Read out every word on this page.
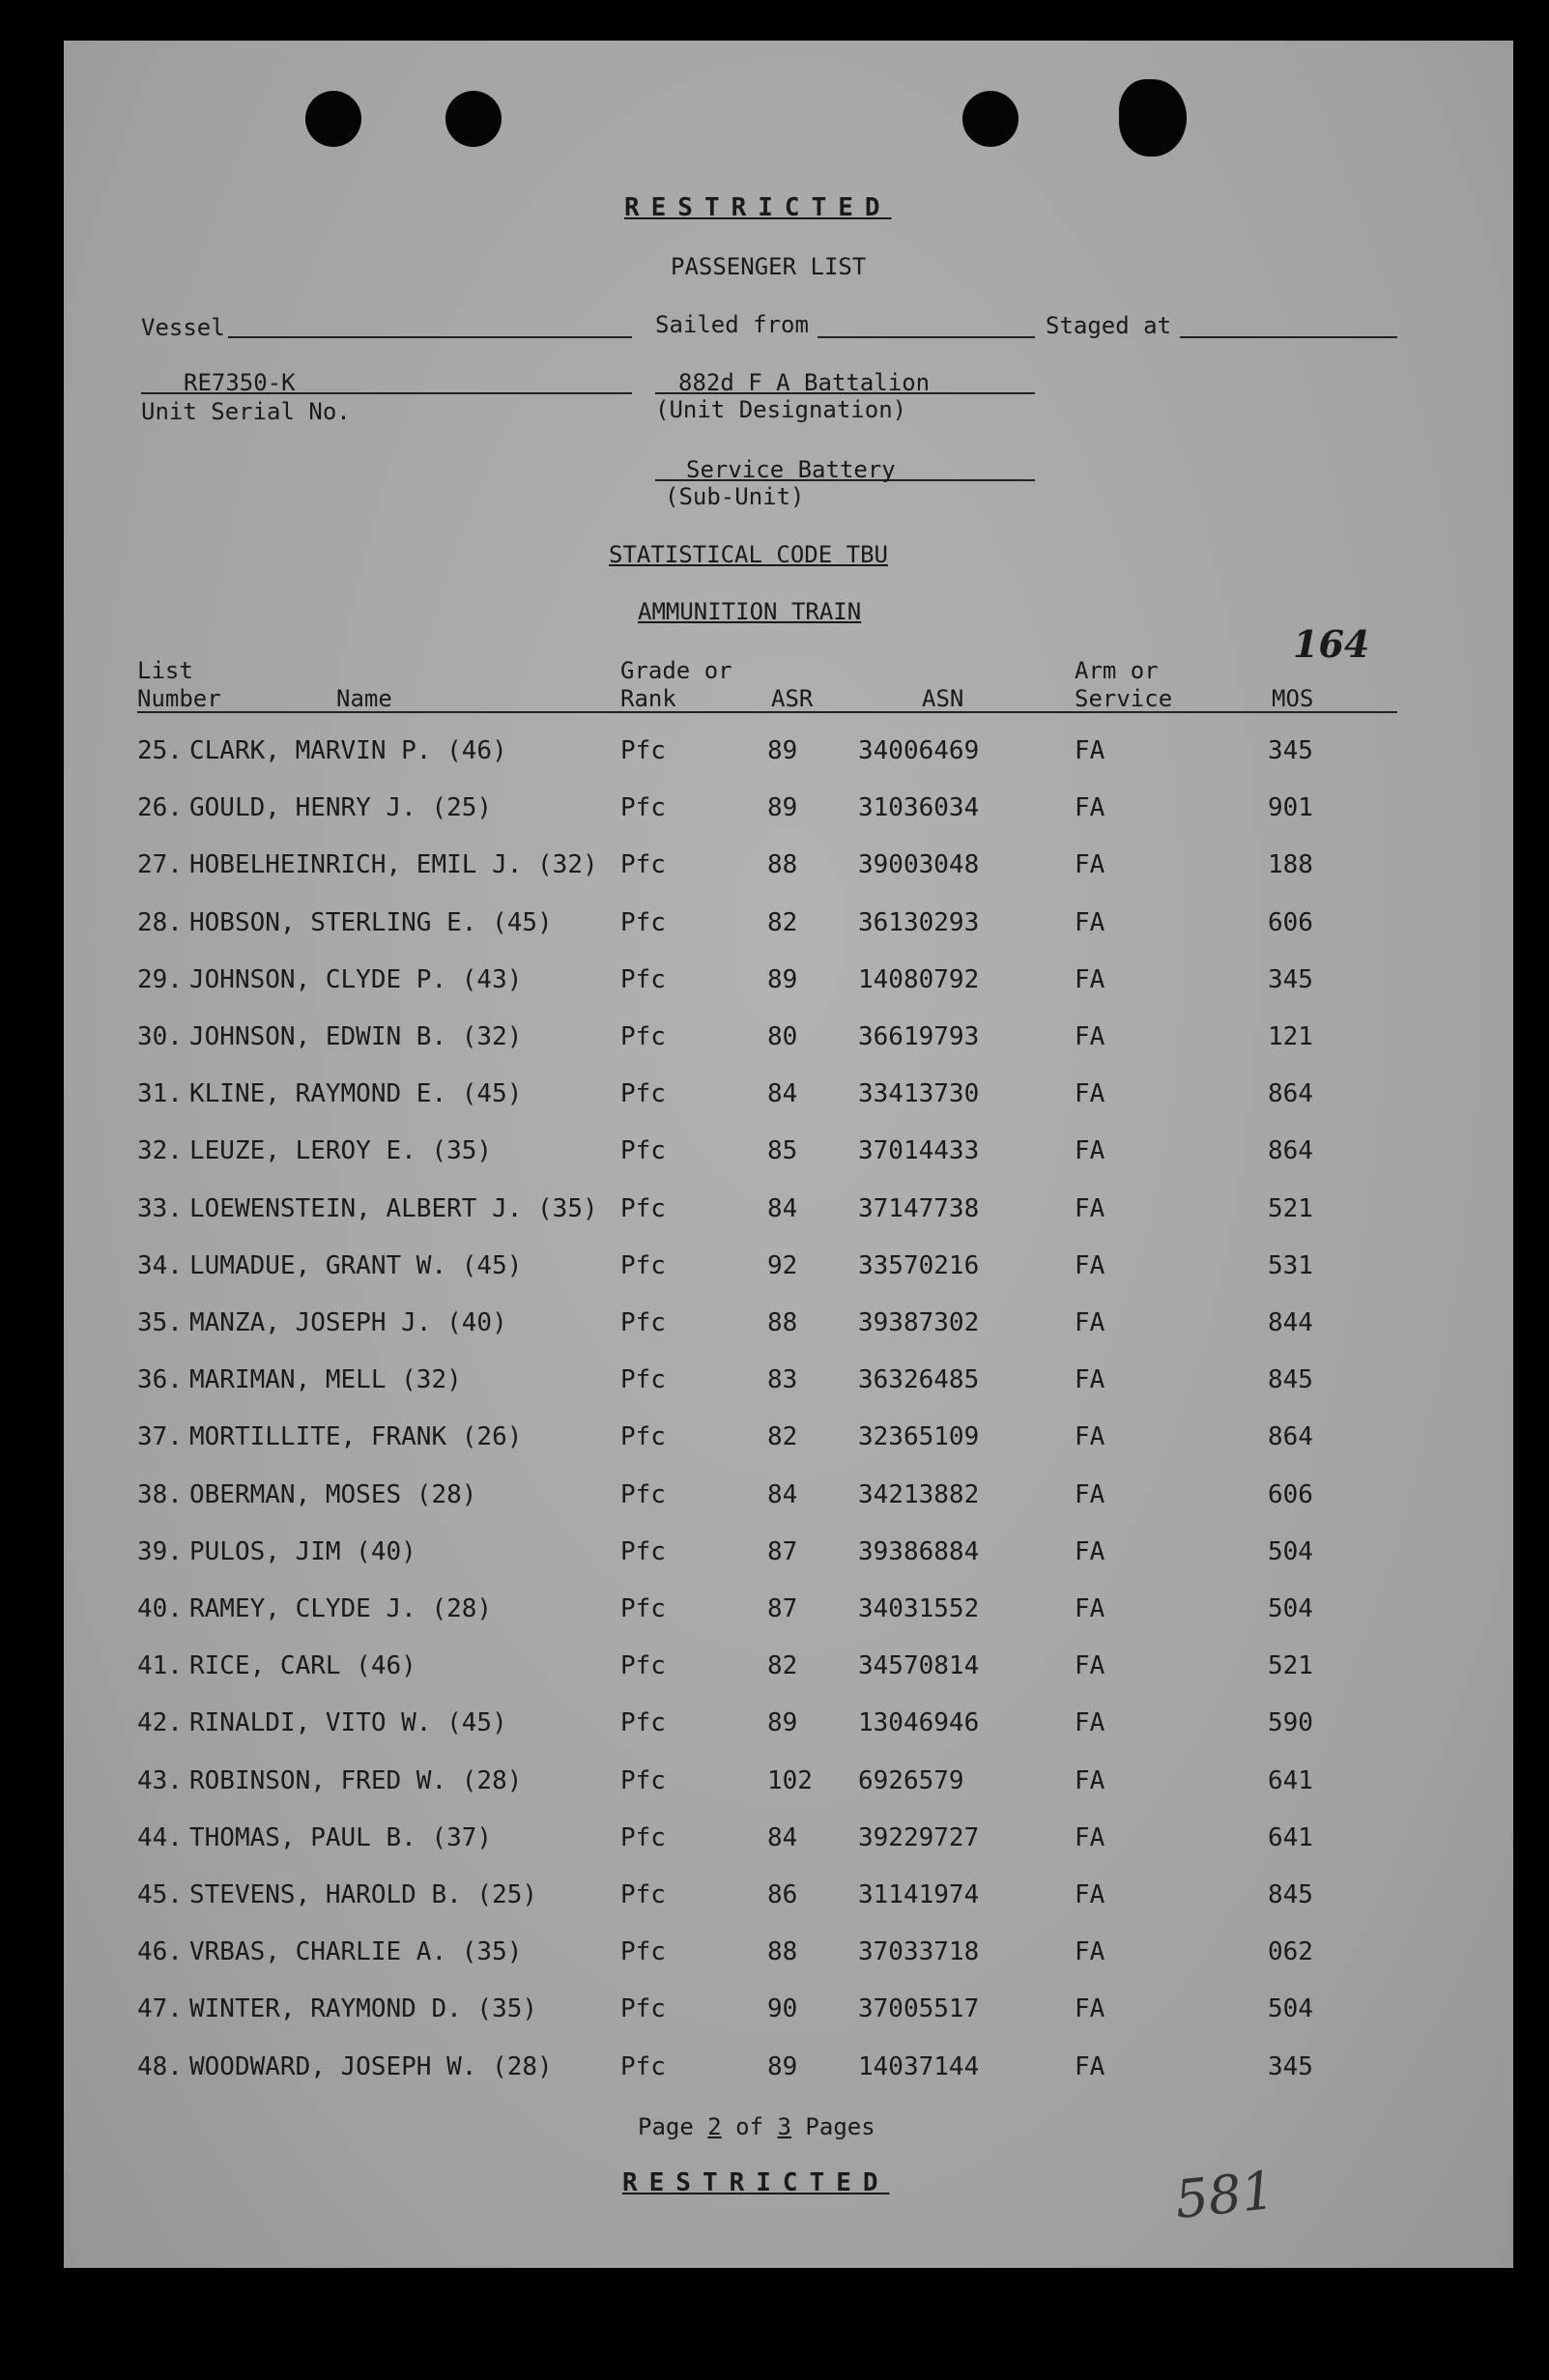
RESTRICTED
PASSENGER LIST
Vessel	Sailed from	Staged at
RE7350-K
Unit Serial No.
882d F A Battalion
(Unit Designation)
Service Battery
(Sub-Unit)
STATISTICAL CODE TBU
AMMUNITION TRAIN
164
List
Number	Name
Grade or
Rank	ASR	ASN
Arm or
Service	MOS
25. CLARK, MARVIN P. (46)	Pfc	89 34006469	FA	345
26. GOULD, HENRY J. (25)	Pfc	89 31036034	FA	901
27. HOBELHEINRICH, EMIL J. (32) Pfc	88 39003048	FA	188
28. HOBSON, STERLING E. (45)	Pfc	82 36130293	FA	606
29. JOHNSON, CLYDE P. (43)	Pfc	89 14080792	FA	345
30. JOHNSON, EDWIN B. (32)	Pfc	80 36619793	FA	121
31. KLINE, RAYMOND E. (45)	Pfc	84 33413730	FA	864
32. LEUZE, LEROY E. (35)	Pfc	85 37014433	FA	864
33. LOEWENSTEIN, ALBERT J. (35) Pfc	84 37147738	FA	521
34. LUMADUE, GRANT W. (45)	Pfc	92 33570216	FA	531
35. MANZA, JOSEPH J. (40)	Pfc	88 39387302	FA	844
36. MARIMAN, MELL (32)	Pfc	83 36326485	FA	845
37. MORTILLITE, FRANK (26)	Pfc	82 32365109	FA	864
38. OBERMAN, MOSES (28)	Pfc	84 34213882	FA	606
39. PULOS, JIM (40)	Pfc	87 39386884	FA	504
40. RAMEY, CLYDE J. (28)	Pfc	87 34031552	FA	504
41. RICE, CARL (46)	Pfc	82 34570814	FA	521
42. RINALDI, VITO W. (45)	Pfc	89 13046946	FA	590
43. ROBINSON, FRED W. (28)	Pfc	102 6926579	FA	641
44. THOMAS, PAUL B. (37)	Pfc	84 39229727	FA	641
45. STEVENS, HAROLD B. (25)	Pfc	86 31141974	FA	845
46. VRBAS, CHARLIE A. (35)	Pfc	88 37033718	FA	062
47. WINTER, RAYMOND D. (35)	Pfc	90 37005517	FA	504
48. WOODWARD, JOSEPH W. (28)	Pfc	89 14037144	FA	345
Page 2 of 3 Pages
RESTRICTED	581
